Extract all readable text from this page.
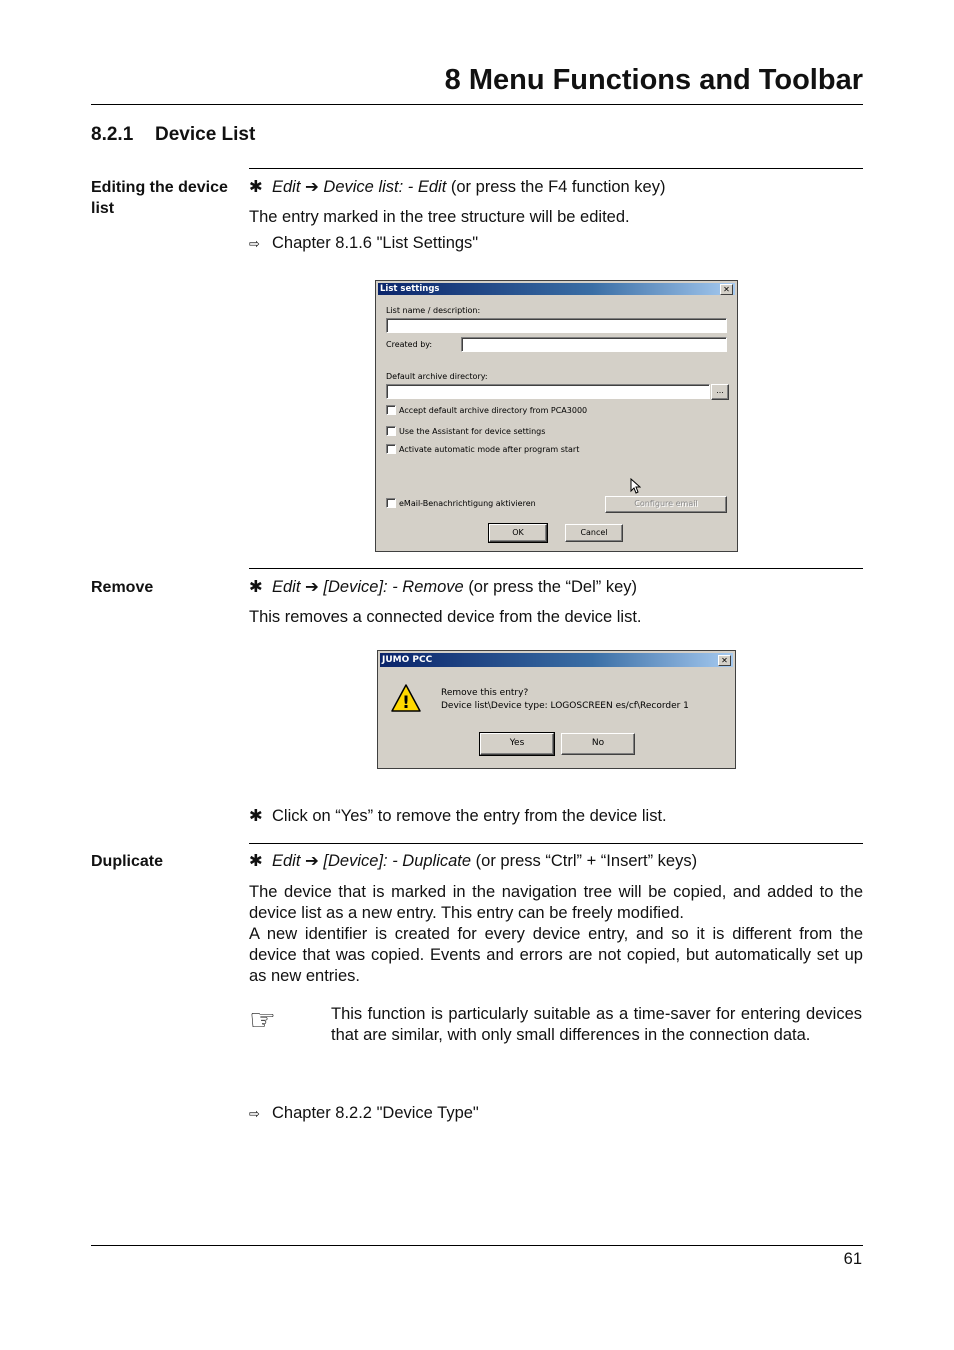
8 Menu Functions and Toolbar
8.2.1 Device List
Editing the device list
✱ Edit ➔ Device list: - Edit (or press the F4 function key)
The entry marked in the tree structure will be edited.
⇨ Chapter 8.1.6 "List Settings"
List settings	✕
List name / description:
Created by:
Default archive directory:
...
Accept default archive directory from PCA3000
Use the Assistant for device settings
Activate automatic mode after program start
eMail-Benachrichtigung aktivieren	Configure email
OK	Cancel
Remove	✱ Edit ➔ [Device]: - Remove (or press the “Del” key)
This removes a connected device from the device list.
JUMO PCC	✕
!	Remove this entry?
Device list\Device type: LOGOSCREEN es/cf\Recorder 1
Yes	No
✱ Click on “Yes” to remove the entry from the device list.
Duplicate	✱ Edit ➔ [Device]: - Duplicate (or press “Ctrl” + “Insert” keys)
The device that is marked in the navigation tree will be copied, and added to the device list as a new entry. This entry can be freely modified.
A new identifier is created for every device entry, and so it is different from the device that was copied. Events and errors are not copied, but automatically set up as new entries.
☞	This function is particularly suitable as a time-saver for entering devices that are similar, with only small differences in the connection data.
⇨ Chapter 8.2.2 "Device Type"
61
